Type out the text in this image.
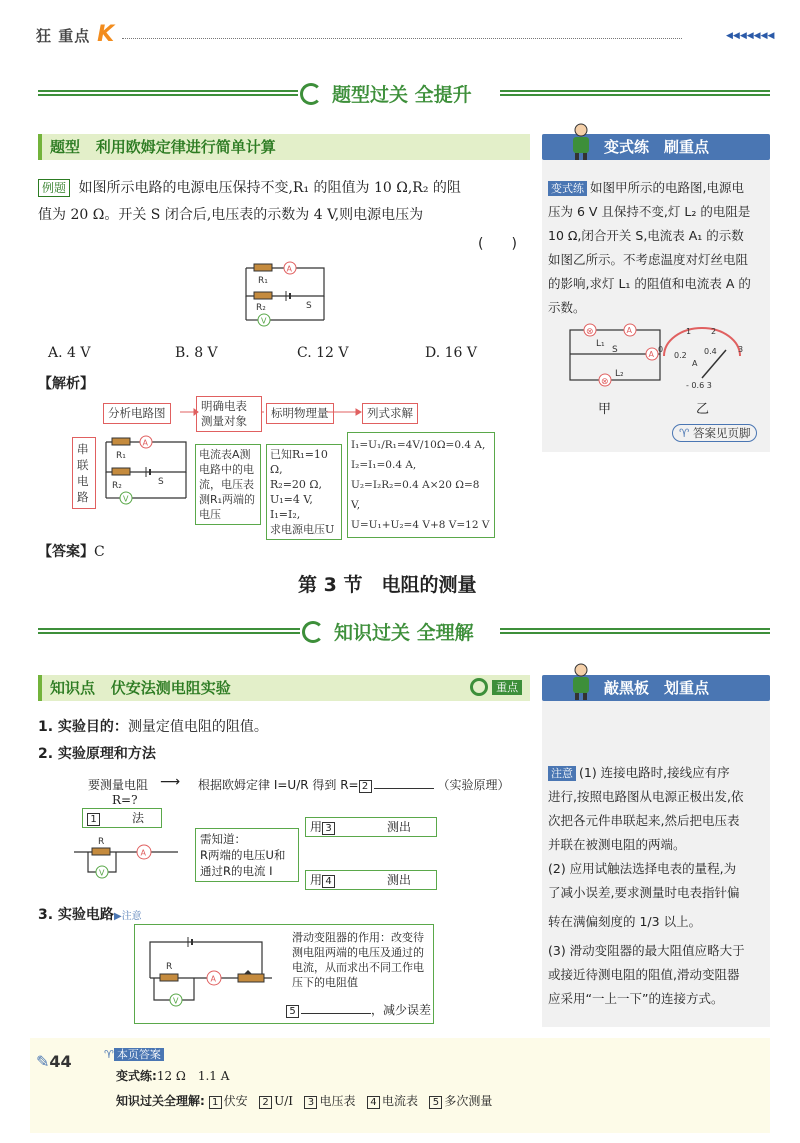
狂 重点 K	◀◀◀◀◀◀◀
题型过关 全提升
题型 利用欧姆定律进行简单计算	变式练　刷重点
变式练 如图甲所示的电路图,电源电
压为 6 V 且保持不变,灯 L₂ 的电阻是
10 Ω,闭合开关 S,电流表 A₁ 的示数
如图乙所示。不考虑温度对灯丝电阻
的影响,求灯 L₁ 的阻值和电流表 A 的
示数。
⊗	A
⊗
A
L₁
L₂
S	0
1 2
3
0.2 0.4
A
- 0.6 3
甲	乙
♈ 答案见页脚
例题 如图所示电路的电源电压保持不变,R₁ 的阻值为 10 Ω,R₂ 的阻
值为 20 Ω。开关 S 闭合后,电压表的示数为 4 V,则电源电压为
(　　)
A
V
R₁
R₂	S
A. 4 V	B. 8 V	C. 12 V	D. 16 V
【解析】
分析电路图	明确电表测量对象
标明物理量	列式求解
串联电路
A
V
R₁
R₂	S
电流表A测电路中的电流，电压表测R₁两端的电压
已知R₁=10 Ω,
R₂=20 Ω,
U₁=4 V,
I₁=I₂,
求电源电压U
I₁=U₁/R₁=4V/10Ω=0.4 A,
I₂=I₁=0.4 A,
U₂=I₂R₂=0.4 A×20 Ω=8 V,
U=U₁+U₂=4 V+8 V=12 V
【答案】C
第 3 节　电阻的测量
知识过关 全理解
知识点 伏安法测电阻实验	重点	敲黑板　划重点
注意 (1) 连接电路时,接线应有序
进行,按照电路图从电源正极出发,依
次把各元件串联起来,然后把电压表
并联在被测电阻的两端。
(2) 应用试触法选择电表的量程,为
了减小误差,要求测量时电表指针偏
转在满偏刻度的 1/3 以上。
(3) 滑动变阻器的最大阻值应略大于
或接近待测电阻的阻值,滑动变阻器
应采用“一上一下”的连接方式。
1. 实验目的：测量定值电阻的阻值。
2. 实验原理和方法
要测量电阻
R=?
⟶ 根据欧姆定律 I=U/R 得到 R= 2	（实验原理）
1	法
R
A
V
需知道：
R两端的电压U和
通过R的电流 I
用 3	测出
用 4	测出
3. 实验电路▶注意
R
A
V
滑动变阻器的作用：改变待测电阻两端的电压及通过的电流，从而求出不同工作电压下的电阻值
5	，减少误差
✎44	♈ 本页答案
变式练:12 Ω　1.1 A
知识过关全理解: 1 伏安 2 U/I 3 电压表 4 电流表 5 多次测量
